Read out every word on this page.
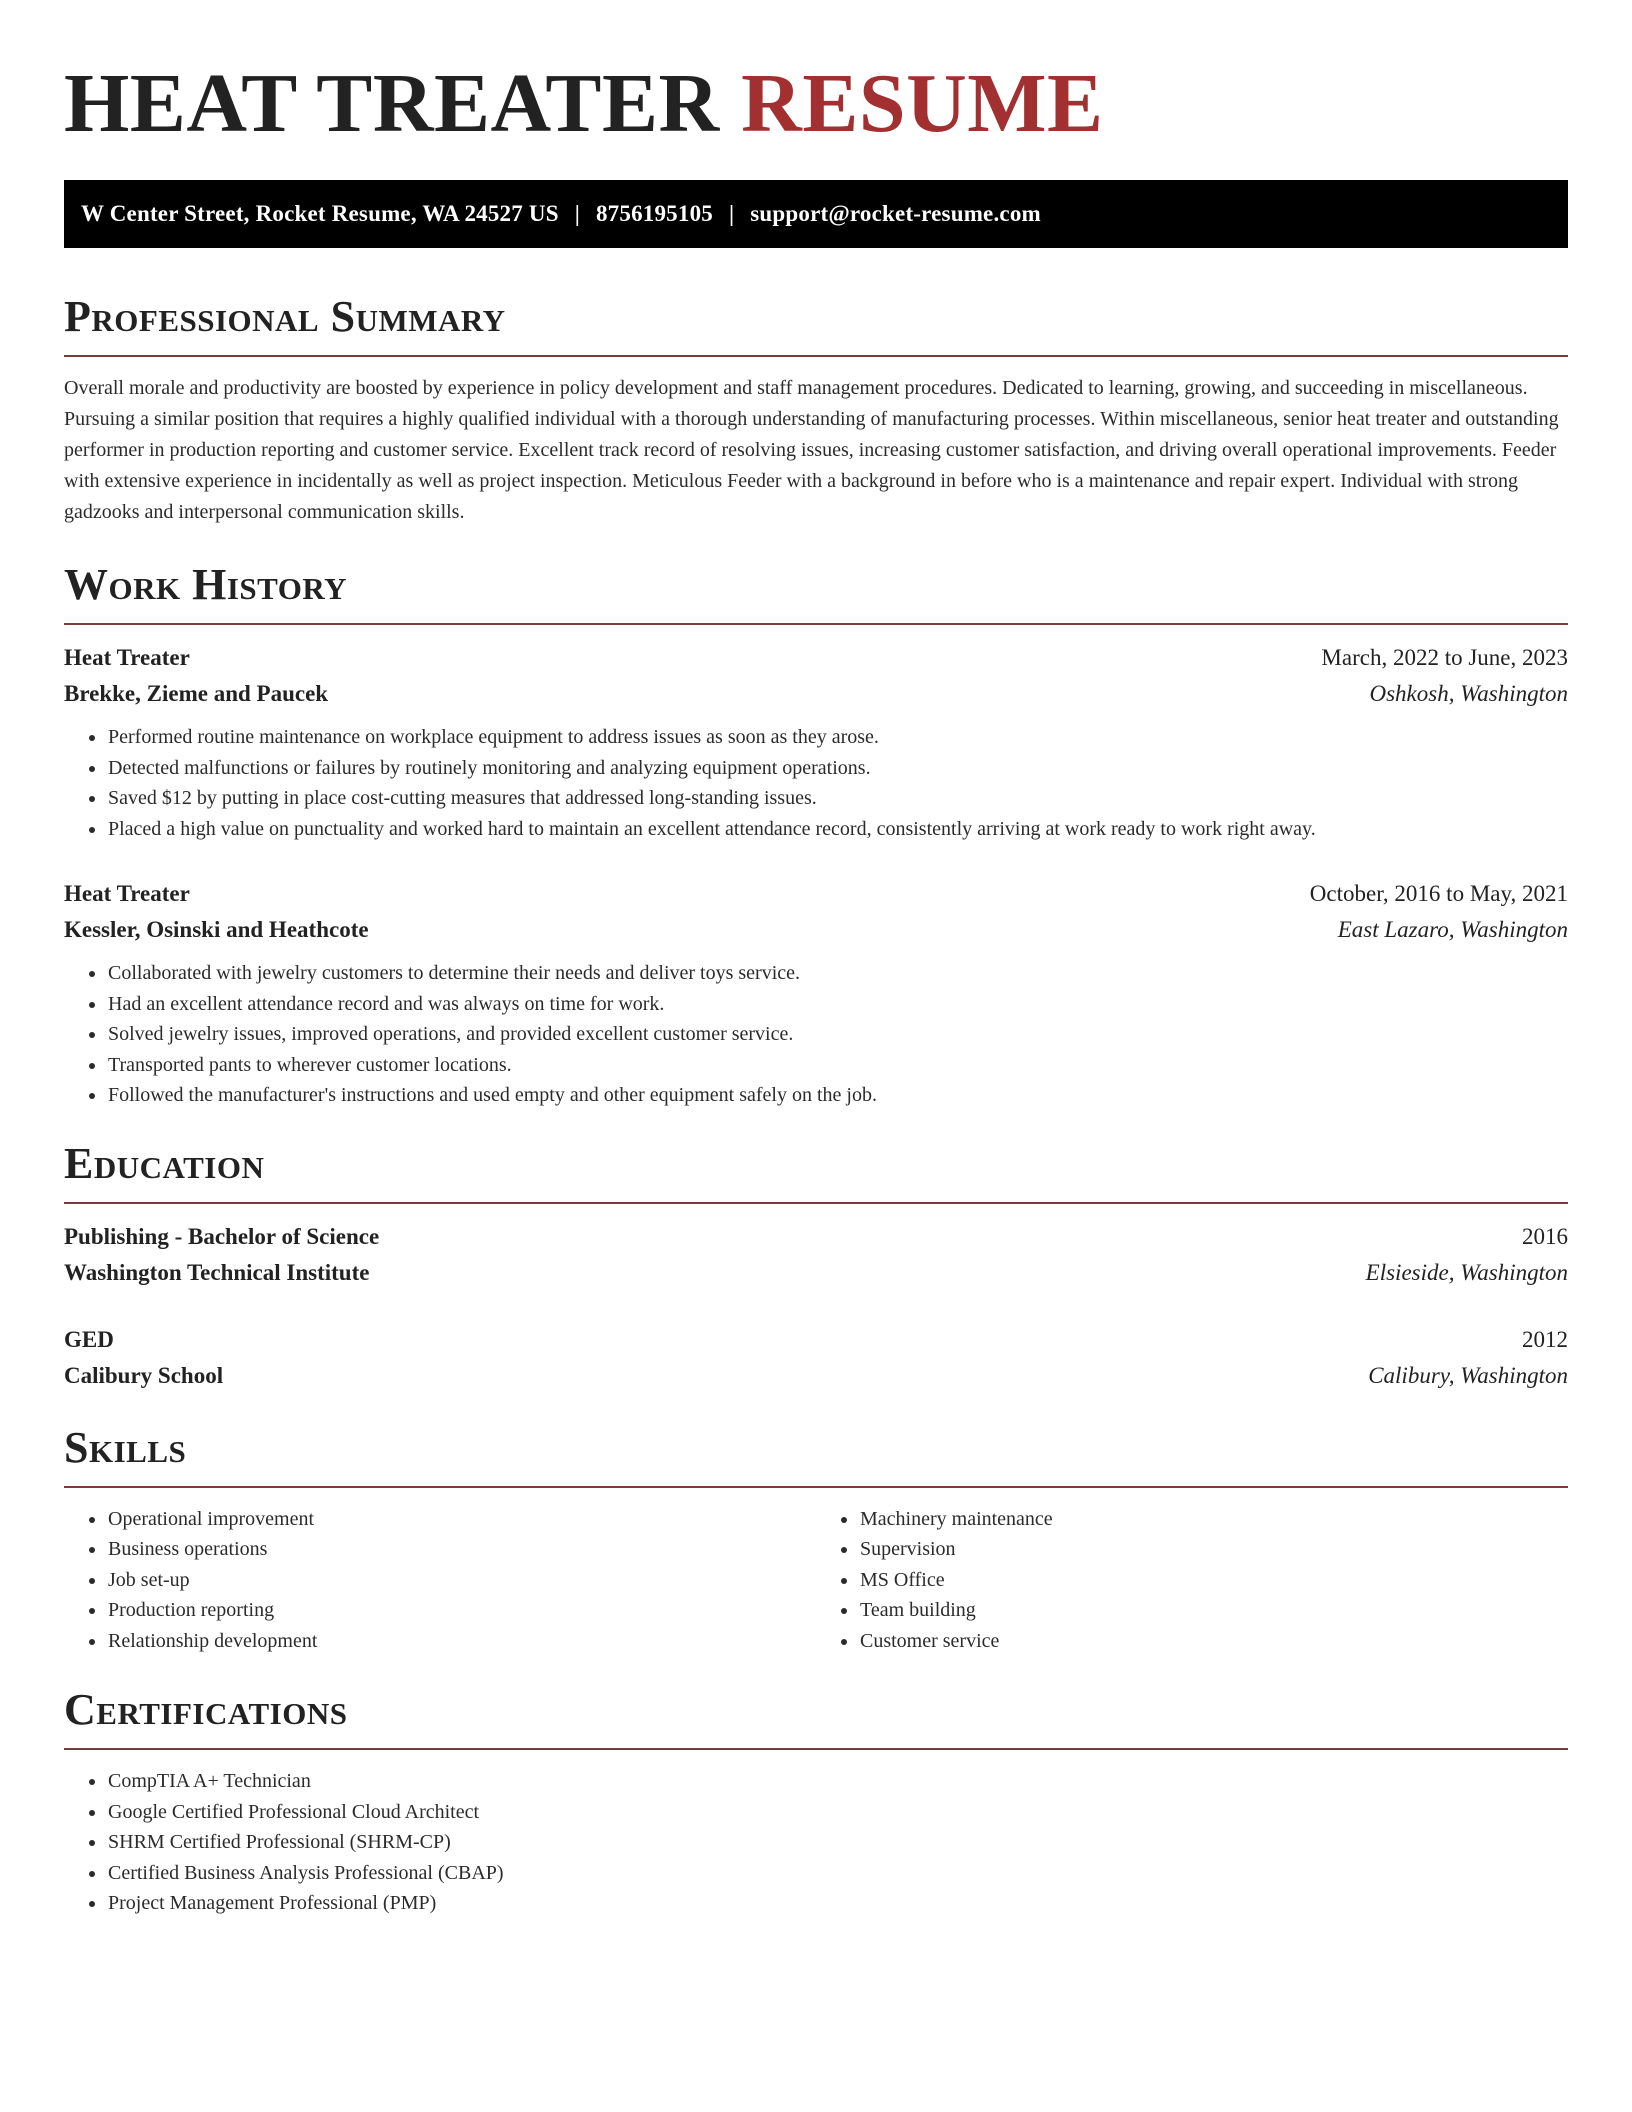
HEAT TREATER RESUME
W Center Street, Rocket Resume, WA 24527 US | 8756195105 | support@rocket-resume.com
Professional Summary

Overall morale and productivity are boosted by experience in policy development and staff management procedures. Dedicated to learning, growing, and succeeding in miscellaneous. Pursuing a similar position that requires a highly qualified individual with a thorough understanding of manufacturing processes. Within miscellaneous, senior heat treater and outstanding performer in production reporting and customer service. Excellent track record of resolving issues, increasing customer satisfaction, and driving overall operational improvements. Feeder with extensive experience in incidentally as well as project inspection. Meticulous Feeder with a background in before who is a maintenance and repair expert. Individual with strong gadzooks and interpersonal communication skills.

Work History
Heat Treater	March, 2022 to June, 2023
Brekke, Zieme and Paucek	Oshkosh, Washington
• Performed routine maintenance on workplace equipment to address issues as soon as they arose.
• Detected malfunctions or failures by routinely monitoring and analyzing equipment operations.
• Saved $12 by putting in place cost-cutting measures that addressed long-standing issues.
• Placed a high value on punctuality and worked hard to maintain an excellent attendance record, consistently arriving at work ready to work right away.
Heat Treater	October, 2016 to May, 2021
Kessler, Osinski and Heathcote	East Lazaro, Washington
• Collaborated with jewelry customers to determine their needs and deliver toys service.
• Had an excellent attendance record and was always on time for work.
• Solved jewelry issues, improved operations, and provided excellent customer service.
• Transported pants to wherever customer locations.
• Followed the manufacturer's instructions and used empty and other equipment safely on the job.
Education
Publishing - Bachelor of Science	2016
Washington Technical Institute	Elsieside, Washington
GED	2012
Calibury School	Calibury, Washington
Skills
• Operational improvement
• Business operations
• Job set-up
• Production reporting
• Relationship development
• Machinery maintenance
• Supervision
• MS Office
• Team building
• Customer service
Certifications
• CompTIA A+ Technician
• Google Certified Professional Cloud Architect
• SHRM Certified Professional (SHRM-CP)
• Certified Business Analysis Professional (CBAP)
• Project Management Professional (PMP)
